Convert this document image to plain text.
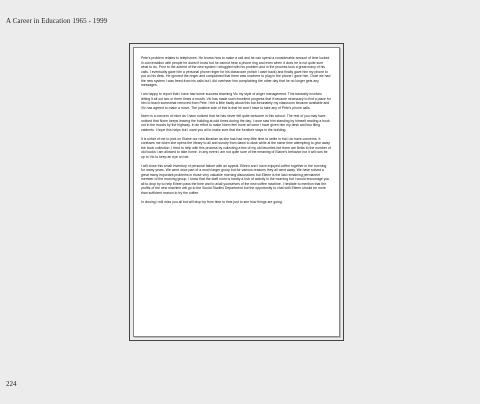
A Career in Education 1965 - 1999

Pete's problem relates to telephones. He knows how to make a call and he can spend a considerable amount of time locked in conversation with people he doesn't know but he cannot hear a phone ring and even when it does he is not quite sure what to do. Prior to the advent of the new system I struggled with his problem and in the process took a great many of his calls. I eventually gave him a personal phone ringer for his classroom (which I want back) and finally gave him my phone to put on his desk. He ignored the ringer and complained that there was nowhere to plug in the phone I gave him. Once we had the new system I was freed from his calls but I did overhear him complaining the other day that he no longer gets any messages.

I am happy to report that I have had some success teaching Vic my style of anger management. This basically involves letting it all out two or three times a month. Vic has made such excellent progress that it became necessary to find a place for him to teach somewhat removed from Pete. I felt a little badly about this but fortunately my classroom became available and Vic has agreed to make a move. The positive side of this is that he won't have to take any of Pete's phone calls.

Norm is a concern of mine as I have noticed that he has never felt quite welcome in this school. The rest of you may have noticed that Norm keeps leaving the building at odd times during the day. I once saw him standing by himself reading a book out in the woods by the highway. In an effort to make Norm feel more at home I have given him my desk and two filing cabinets. I hope this helps but I want you all to make sure that the furniture stays in the building.

It is unfair of me to pick on Elaine our new librarian as she has had very little time to settle in but I do have concerns. It confuses me when she opens the library to all and sundry from dawn to dusk while at the same time attempting to give away the book collection. I tried to help with this process by collecting a few of my old favorites but there are limits to the number of old books I am allowed to take home. In any event I am not quite sure of the meaning of Elaine's behavior but it will now be up to Vic to keep an eye on her.

I will close this small inventory of personal failure with an appeal. Eileen and I have enjoyed coffee together in the morning for many years. We were once part of a much larger group but for various reasons they all went away. We have solved a great many important problems in those very valuable morning discussions but Eileen is the last remaining permanent member of the morning group. I know that the staff room is hardly a hub of activity in the morning but I would encourage you all to drop by to help Eileen pass the time and to avail yourselves of the new coffee machine. I hesitate to mention that the profits of the new machine will go to the Social Studies Department but the opportunity to chat with Eileen should be more than sufficient reason to try the coffee.

In closing I will miss you all but will drop by from time to time just to see how things are going.

224
